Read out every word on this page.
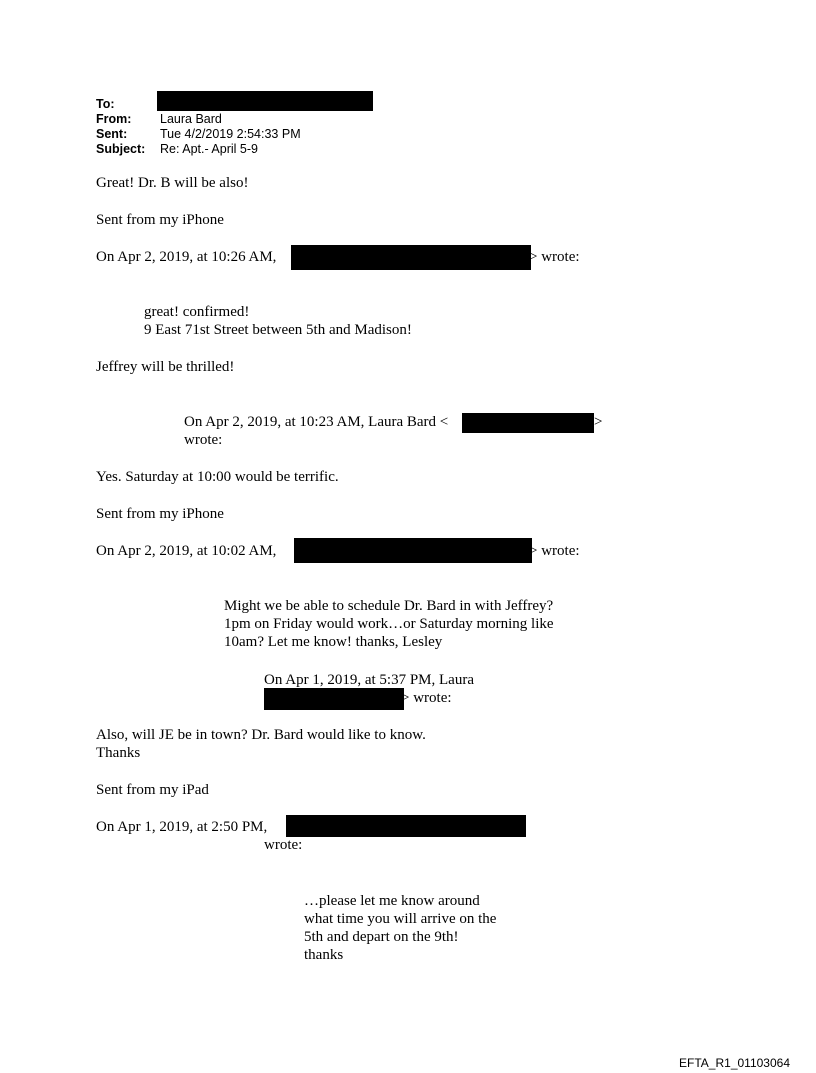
To:
From: Laura Bard
Sent:	Tue 4/2/2019 2:54:33 PM
Subject: Re: Apt.- April 5-9
Great! Dr. B will be also!
Sent from my iPhone
On Apr 2, 2019, at 10:26 AM,	> wrote:
great! confirmed!
9 East 71st Street between 5th and Madison!
Jeffrey will be thrilled!
On Apr 2, 2019, at 10:23 AM, Laura Bard <	>
wrote:
Yes. Saturday at 10:00 would be terrific.
Sent from my iPhone
On Apr 2, 2019, at 10:02 AM,	> wrote:
Might we be able to schedule Dr. Bard in with Jeffrey?
1pm on Friday would work…or Saturday morning like
10am? Let me know! thanks, Lesley
On Apr 1, 2019, at 5:37 PM, Laura
> wrote:
Also, will JE be in town? Dr. Bard would like to know.
Thanks
Sent from my iPad
On Apr 1, 2019, at 2:50 PM,
wrote:
…please let me know around
what time you will arrive on the
5th and depart on the 9th!
thanks
EFTA_R1_01103064
